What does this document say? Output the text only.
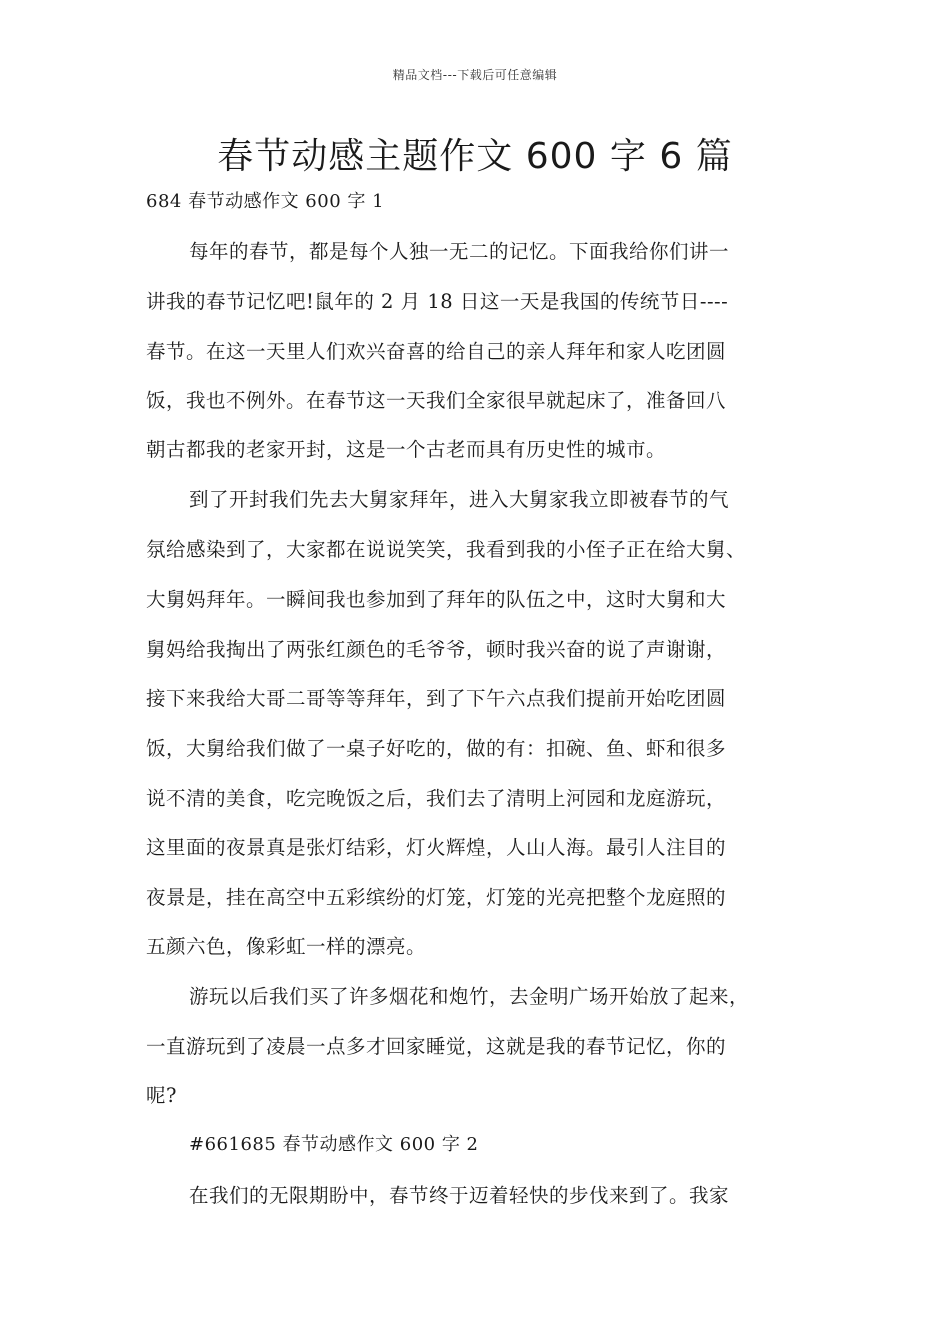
精品文档---下载后可任意编辑
春节动感主题作文 600 字 6 篇
684 春节动感作文 600 字 1
每年的春节，都是每个人独一无二的记忆。下面我给你们讲一
讲我的春节记忆吧!鼠年的 2 月 18 日这一天是我国的传统节日----
春节。在这一天里人们欢兴奋喜的给自己的亲人拜年和家人吃团圆
饭，我也不例外。在春节这一天我们全家很早就起床了，准备回八
朝古都我的老家开封，这是一个古老而具有历史性的城市。
到了开封我们先去大舅家拜年，进入大舅家我立即被春节的气
氛给感染到了，大家都在说说笑笑，我看到我的小侄子正在给大舅、
大舅妈拜年。一瞬间我也参加到了拜年的队伍之中，这时大舅和大
舅妈给我掏出了两张红颜色的毛爷爷，顿时我兴奋的说了声谢谢，
接下来我给大哥二哥等等拜年，到了下午六点我们提前开始吃团圆
饭，大舅给我们做了一桌子好吃的，做的有：扣碗、鱼、虾和很多
说不清的美食，吃完晚饭之后，我们去了清明上河园和龙庭游玩，
这里面的夜景真是张灯结彩，灯火辉煌，人山人海。最引人注目的
夜景是，挂在高空中五彩缤纷的灯笼，灯笼的光亮把整个龙庭照的
五颜六色，像彩虹一样的漂亮。
游玩以后我们买了许多烟花和炮竹，去金明广场开始放了起来，
一直游玩到了凌晨一点多才回家睡觉，这就是我的春节记忆，你的
呢?
#661685 春节动感作文 600 字 2
在我们的无限期盼中，春节终于迈着轻快的步伐来到了。我家
